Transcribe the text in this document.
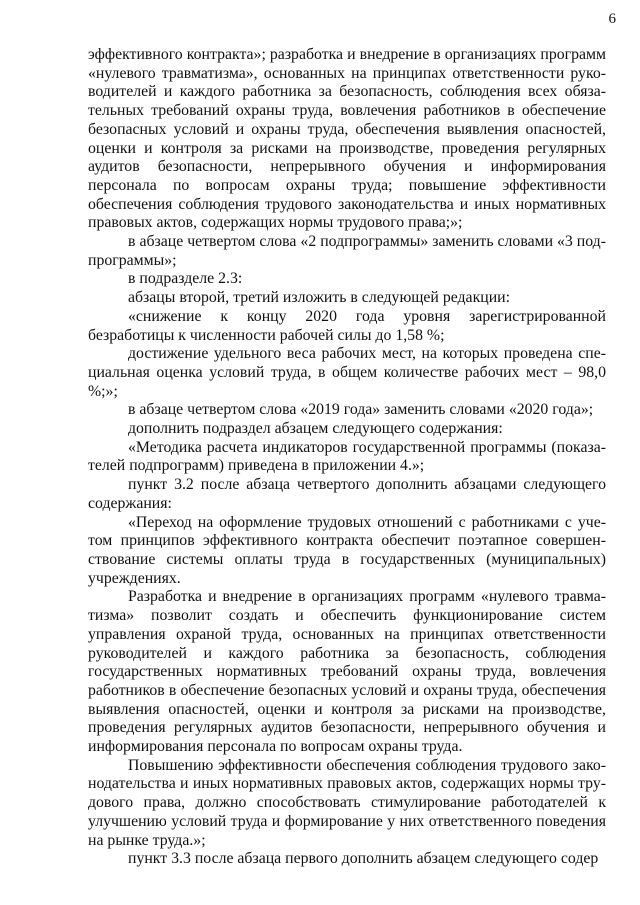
6

эффективного контракта»; разработка и внедрение в организациях программ «нулевого травматизма», основанных на принципах ответственности руководителей и каждого работника за безопасность, соблюдения всех обязательных требований охраны труда, вовлечения работников в обеспечение безопасных условий и охраны труда, обеспечения выявления опасностей, оценки и контроля за рисками на производстве, проведения регулярных аудитов безопасности, непрерывного обучения и информирования персонала по вопросам охраны труда; повышение эффективности обеспечения соблюдения трудового законодательства и иных нормативных правовых актов, содержащих нормы трудового права;»;

в абзаце четвертом слова «2 подпрограммы» заменить словами «3 подпрограммы»;

в подразделе 2.3:

абзацы второй, третий изложить в следующей редакции:

«снижение к концу 2020 года уровня зарегистрированной безработицы к численности рабочей силы до 1,58 %;

достижение удельного веса рабочих мест, на которых проведена специальная оценка условий труда, в общем количестве рабочих мест – 98,0 %;»;

в абзаце четвертом слова «2019 года» заменить словами «2020 года»;

дополнить подраздел абзацем следующего содержания:

«Методика расчета индикаторов государственной программы (показателей подпрограмм) приведена в приложении 4.»;

пункт 3.2 после абзаца четвертого дополнить абзацами следующего содержания:

«Переход на оформление трудовых отношений с работниками с учетом принципов эффективного контракта обеспечит поэтапное совершенствование системы оплаты труда в государственных (муниципальных) учреждениях.

Разработка и внедрение в организациях программ «нулевого травматизма» позволит создать и обеспечить функционирование систем управления охраной труда, основанных на принципах ответственности руководителей и каждого работника за безопасность, соблюдения государственных нормативных требований охраны труда, вовлечения работников в обеспечение безопасных условий и охраны труда, обеспечения выявления опасностей, оценки и контроля за рисками на производстве, проведения регулярных аудитов безопасности, непрерывного обучения и информирования персонала по вопросам охраны труда.

Повышению эффективности обеспечения соблюдения трудового законодательства и иных нормативных правовых актов, содержащих нормы трудового права, должно способствовать стимулирование работодателей к улучшению условий труда и формирование у них ответственного поведения на рынке труда.»;

пункт 3.3 после абзаца первого дополнить абзацем следующего содер
